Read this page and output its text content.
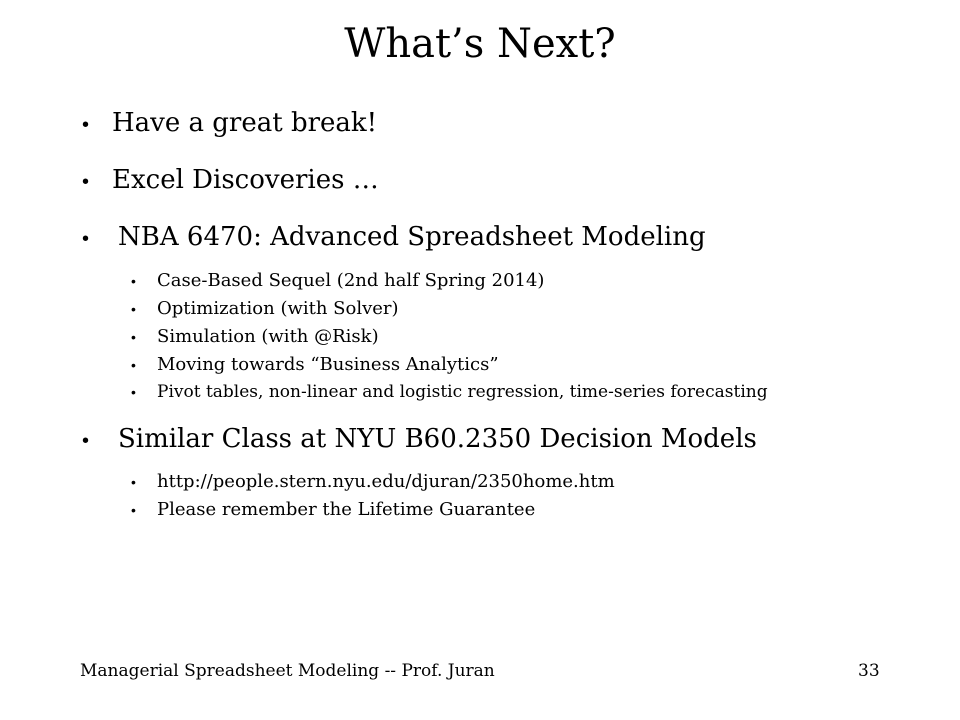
What’s Next?
• Have a great break!
• Excel Discoveries …
•	NBA 6470: Advanced Spreadsheet Modeling
•	Case-Based Sequel (2nd half Spring 2014)
•	Optimization (with Solver)
•	Simulation (with @Risk)
•	Moving towards “Business Analytics”
•	Pivot tables, non-linear and logistic regression, time-series forecasting
•	Similar Class at NYU B60.2350 Decision Models
•	http://people.stern.nyu.edu/djuran/2350home.htm
•	Please remember the Lifetime Guarantee
Managerial Spreadsheet Modeling -- Prof. Juran	33
